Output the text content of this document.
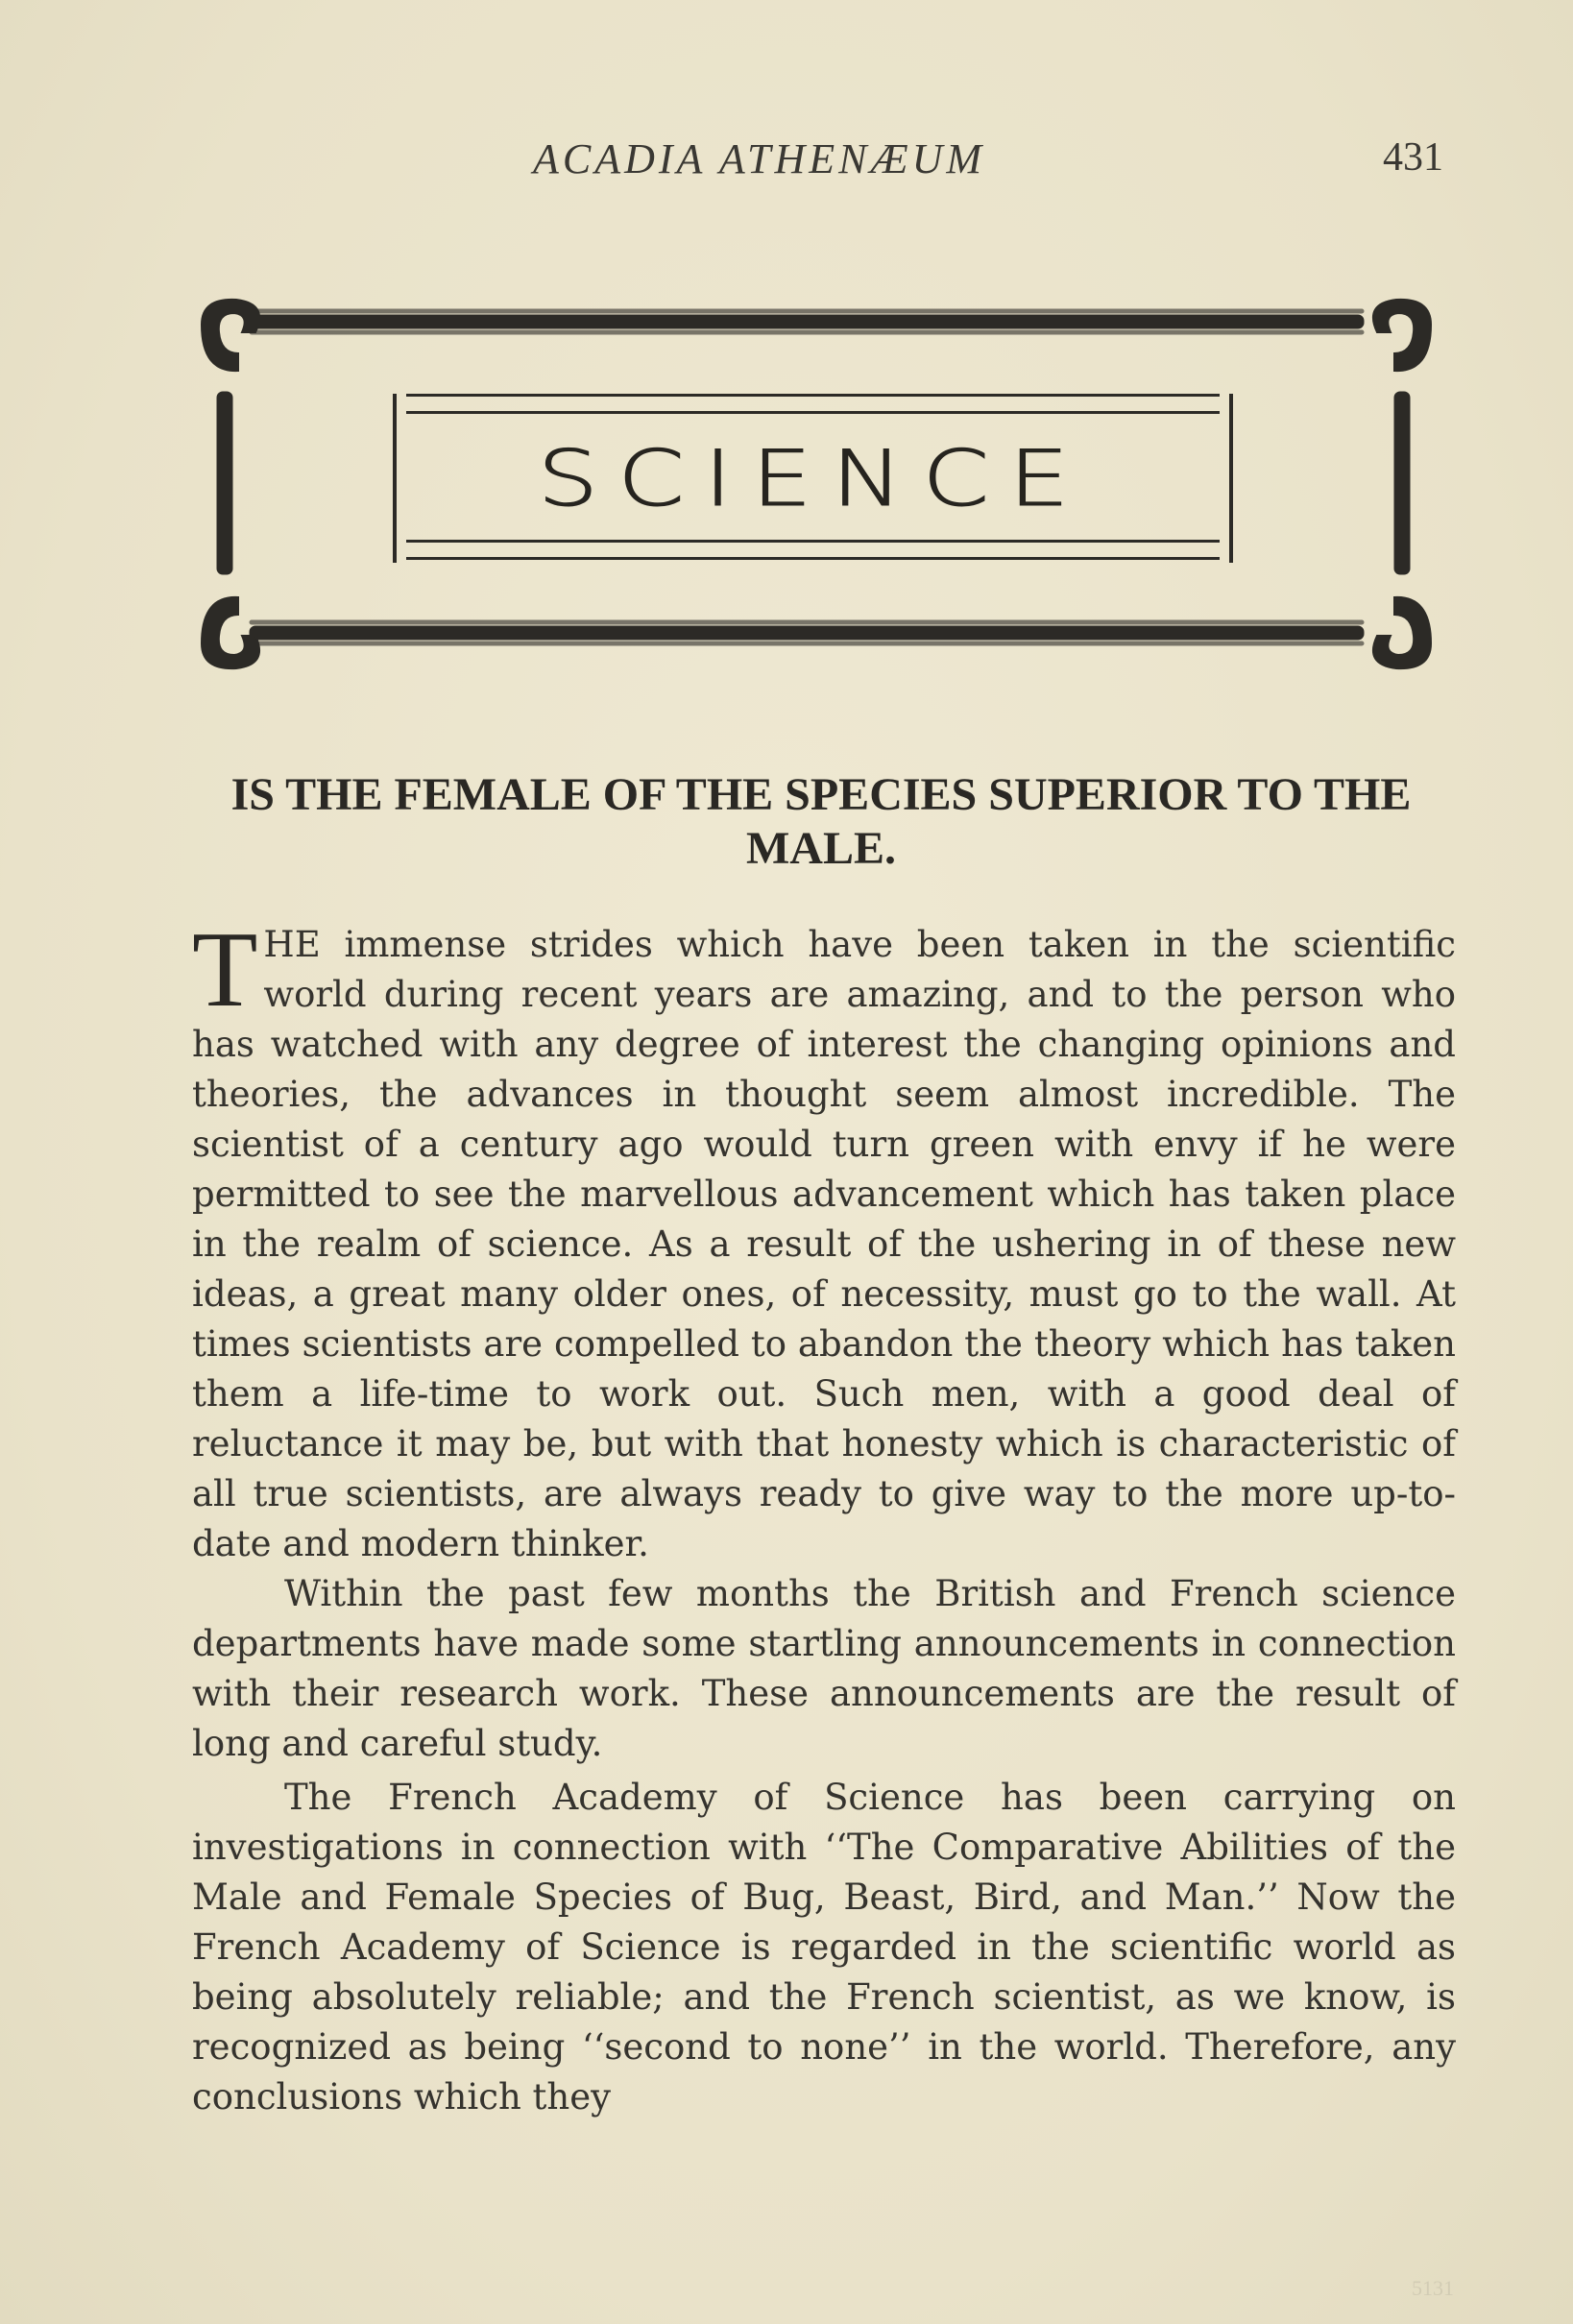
ACADIA ATHENÆUM	431
SCIENCE
IS THE FEMALE OF THE SPECIES SUPERIOR TO THE MALE.

THE immense strides which have been taken in the scientific world during recent years are amazing, and to the person who has watched with any degree of interest the changing opinions and theories, the advances in thought seem almost incredible. The scientist of a century ago would turn green with envy if he were permitted to see the marvellous advancement which has taken place in the realm of science. As a result of the ushering in of these new ideas, a great many older ones, of necessity, must go to the wall. At times scientists are compelled to abandon the theory which has taken them a life-time to work out. Such men, with a good deal of reluctance it may be, but with that honesty which is characteristic of all true scientists, are always ready to give way to the more up-to-date and modern thinker.

Within the past few months the British and French science departments have made some startling announcements in connection with their research work. These announcements are the result of long and careful study.

The French Academy of Science has been carrying on investigations in connection with ‘‘The Comparative Abilities of the Male and Female Species of Bug, Beast, Bird, and Man.’’ Now the French Academy of Science is regarded in the scientific world as being absolutely reliable; and the French scientist, as we know, is recognized as being ‘‘second to none’’ in the world. Therefore, any conclusions which they

5131
